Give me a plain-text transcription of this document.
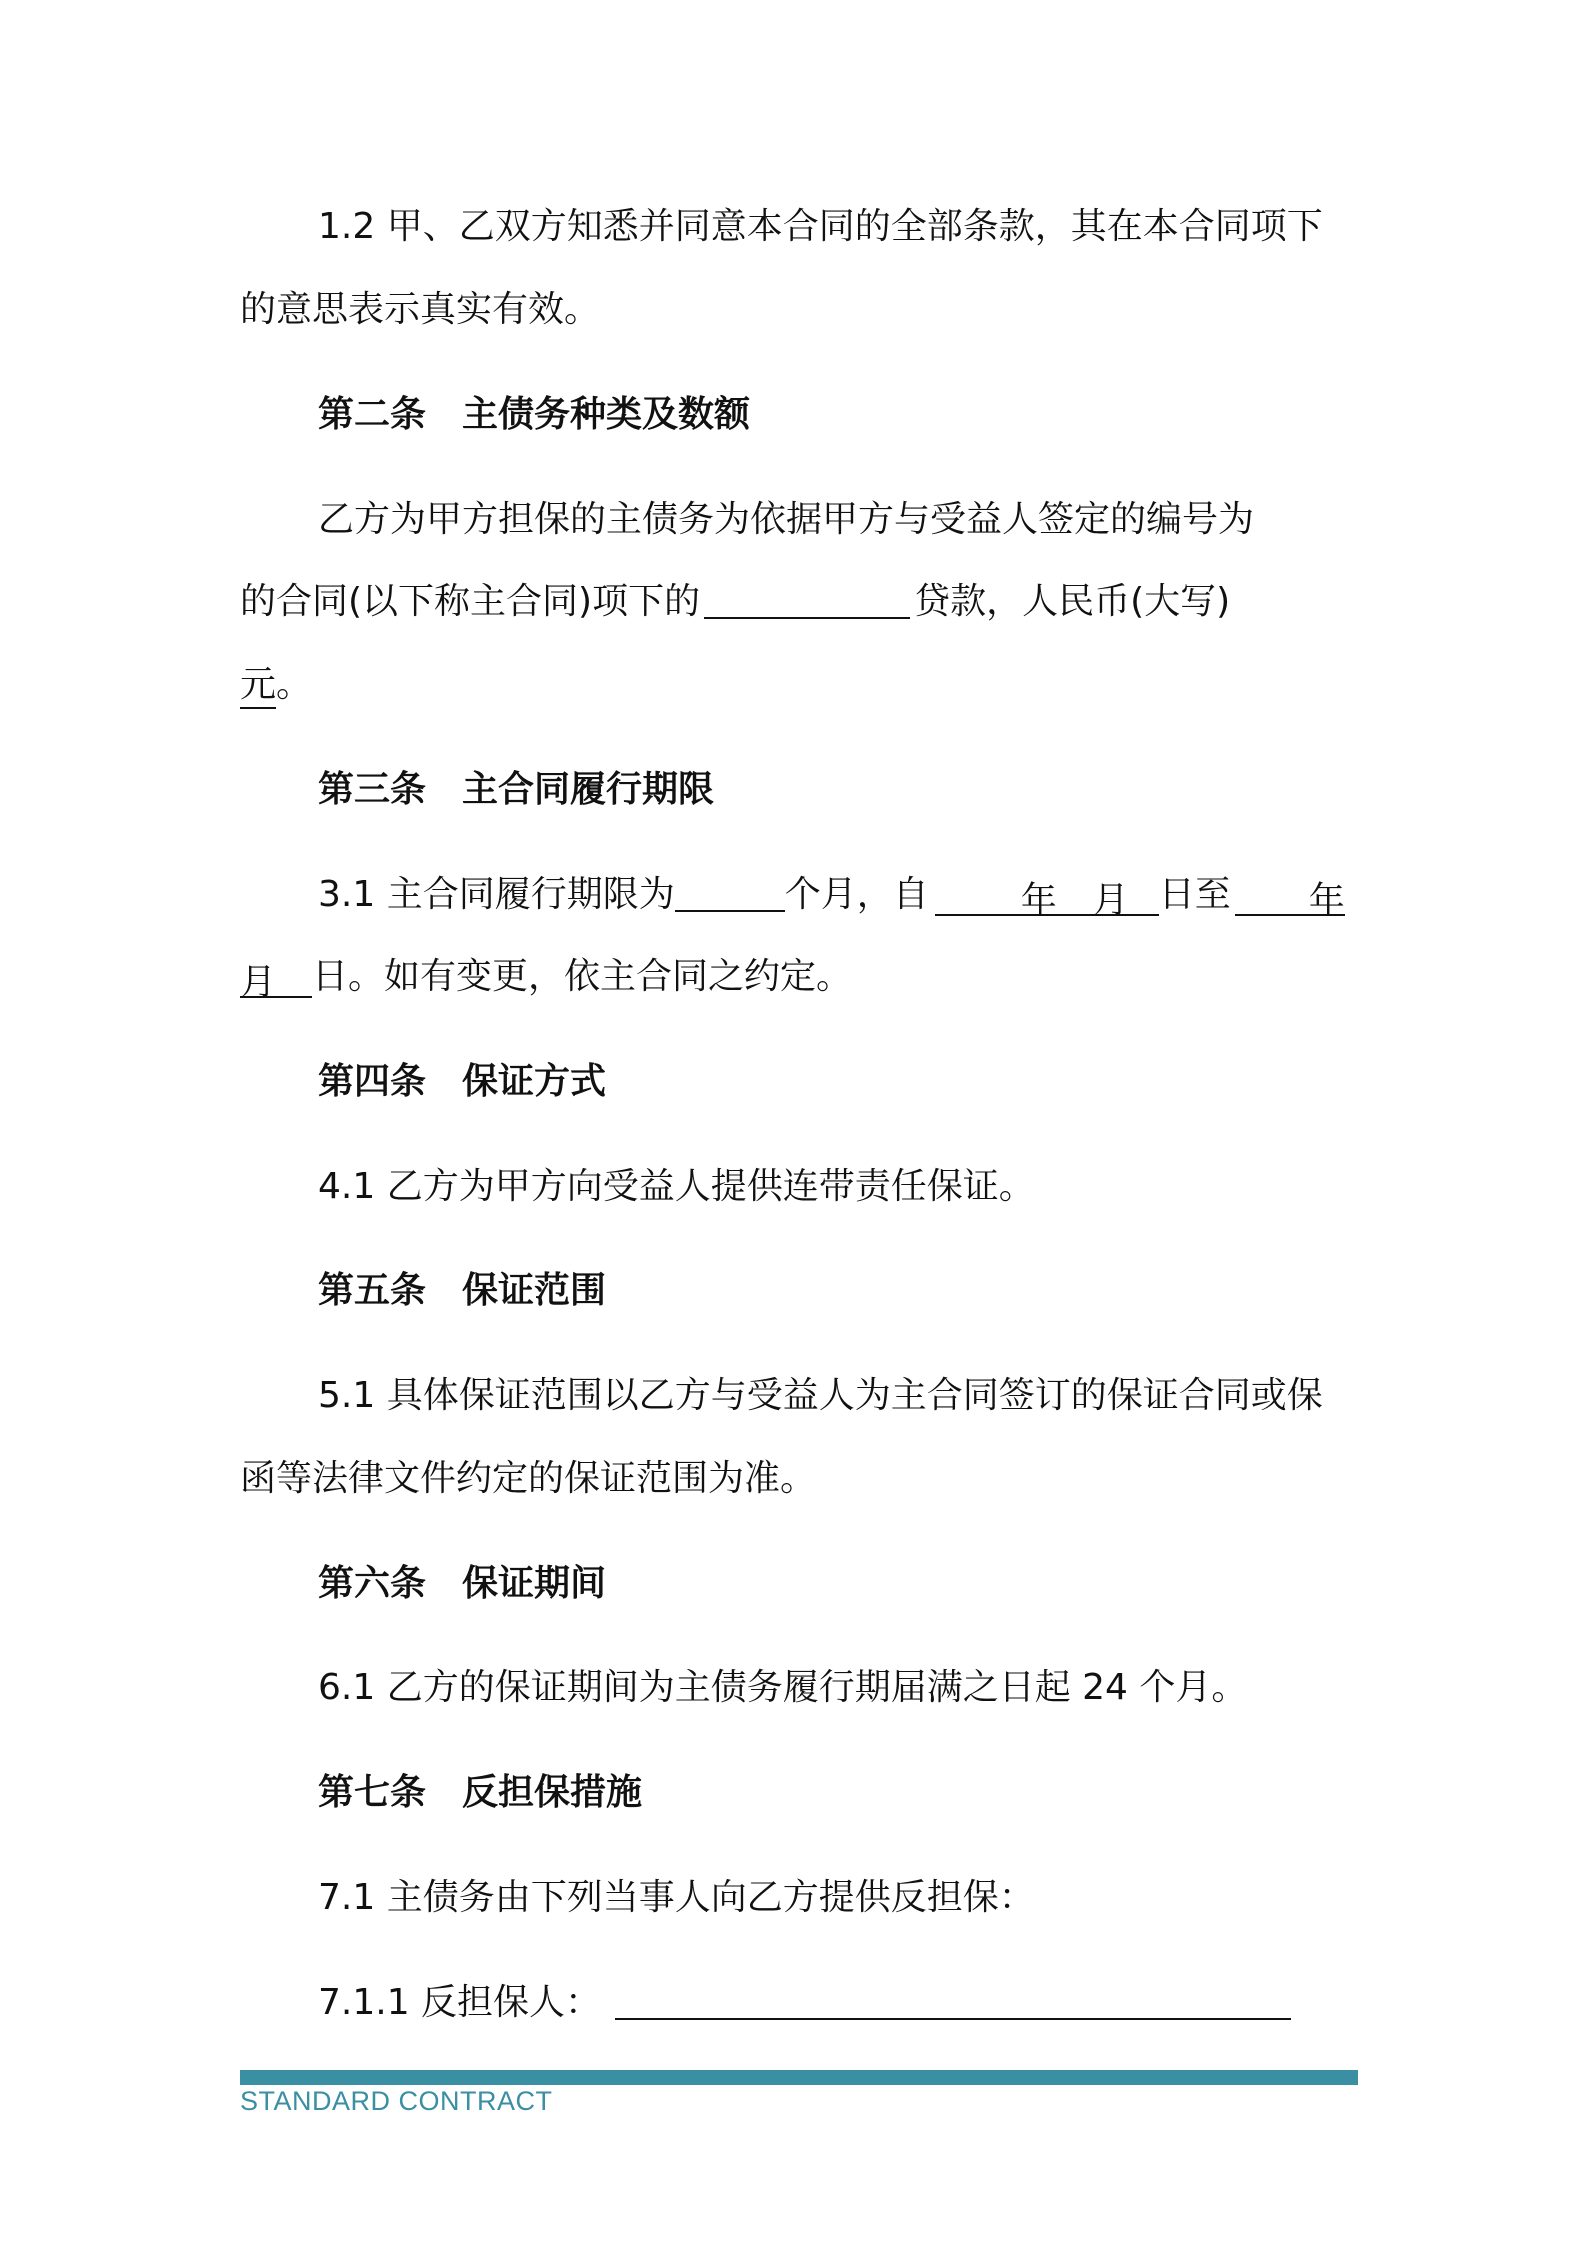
1.2 甲、乙双方知悉并同意本合同的全部条款，其在本合同项下
的意思表示真实有效。
第二条 主债务种类及数额
乙方为甲方担保的主债务为依据甲方与受益人签定的编号为
的合同(以下称主合同)项下的	贷款，人民币(大写)
元。
第三条 主合同履行期限
3.1 主合同履行期限为	个月，自	年 月 日至 年
月 日。如有变更，依主合同之约定。
第四条 保证方式
4.1 乙方为甲方向受益人提供连带责任保证。
第五条 保证范围
5.1 具体保证范围以乙方与受益人为主合同签订的保证合同或保
函等法律文件约定的保证范围为准。
第六条 保证期间
6.1 乙方的保证期间为主债务履行期届满之日起 24 个月。
第七条 反担保措施
7.1 主债务由下列当事人向乙方提供反担保：
7.1.1 反担保人：
STANDARD CONTRACT
